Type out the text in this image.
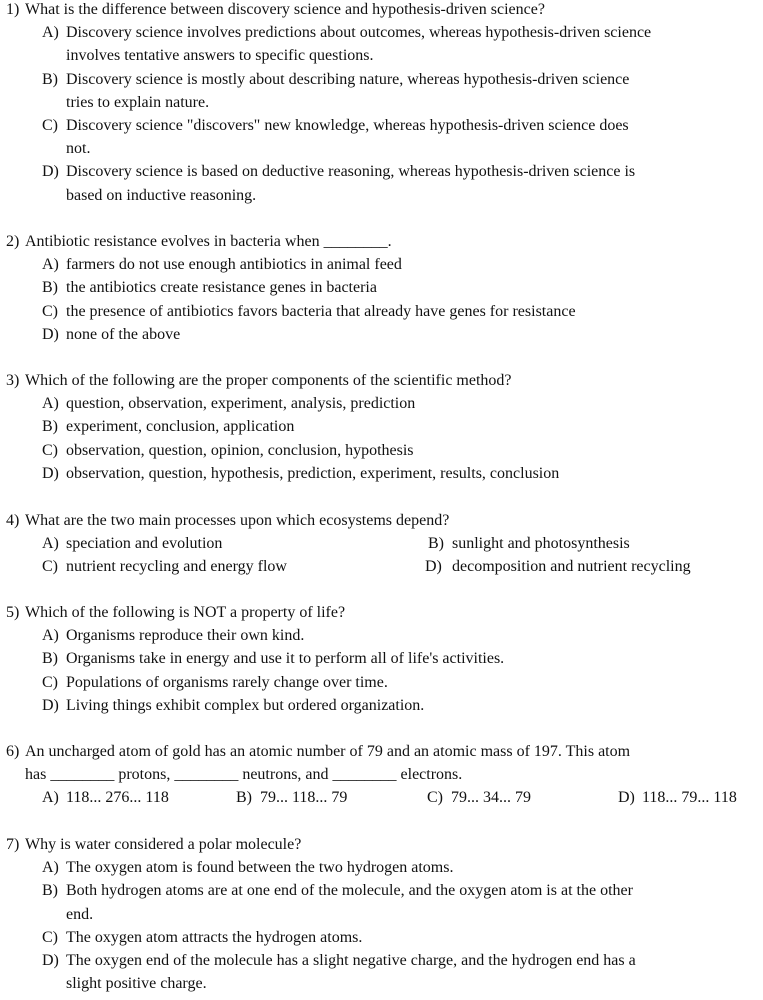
1) What is the difference between discovery science and hypothesis-driven science?
A) Discovery science involves predictions about outcomes, whereas hypothesis-driven science
involves tentative answers to specific questions.
B) Discovery science is mostly about describing nature, whereas hypothesis-driven science
tries to explain nature.
C) Discovery science "discovers" new knowledge, whereas hypothesis-driven science does
not.
D) Discovery science is based on deductive reasoning, whereas hypothesis-driven science is
based on inductive reasoning.
2) Antibiotic resistance evolves in bacteria when ________.
A) farmers do not use enough antibiotics in animal feed
B) the antibiotics create resistance genes in bacteria
C) the presence of antibiotics favors bacteria that already have genes for resistance
D) none of the above
3) Which of the following are the proper components of the scientific method?
A) question, observation, experiment, analysis, prediction
B) experiment, conclusion, application
C) observation, question, opinion, conclusion, hypothesis
D) observation, question, hypothesis, prediction, experiment, results, conclusion
4) What are the two main processes upon which ecosystems depend?
A) speciation and evolution	B) sunlight and photosynthesis
C) nutrient recycling and energy flow	D) decomposition and nutrient recycling
5) Which of the following is NOT a property of life?
A) Organisms reproduce their own kind.
B) Organisms take in energy and use it to perform all of life's activities.
C) Populations of organisms rarely change over time.
D) Living things exhibit complex but ordered organization.
6) An uncharged atom of gold has an atomic number of 79 and an atomic mass of 197. This atom
has ________ protons, ________ neutrons, and ________ electrons.
A) 118... 276... 118	B) 79... 118... 79	C) 79... 34... 79	D) 118... 79... 118
7) Why is water considered a polar molecule?
A) The oxygen atom is found between the two hydrogen atoms.
B) Both hydrogen atoms are at one end of the molecule, and the oxygen atom is at the other
end.
C) The oxygen atom attracts the hydrogen atoms.
D) The oxygen end of the molecule has a slight negative charge, and the hydrogen end has a
slight positive charge.
